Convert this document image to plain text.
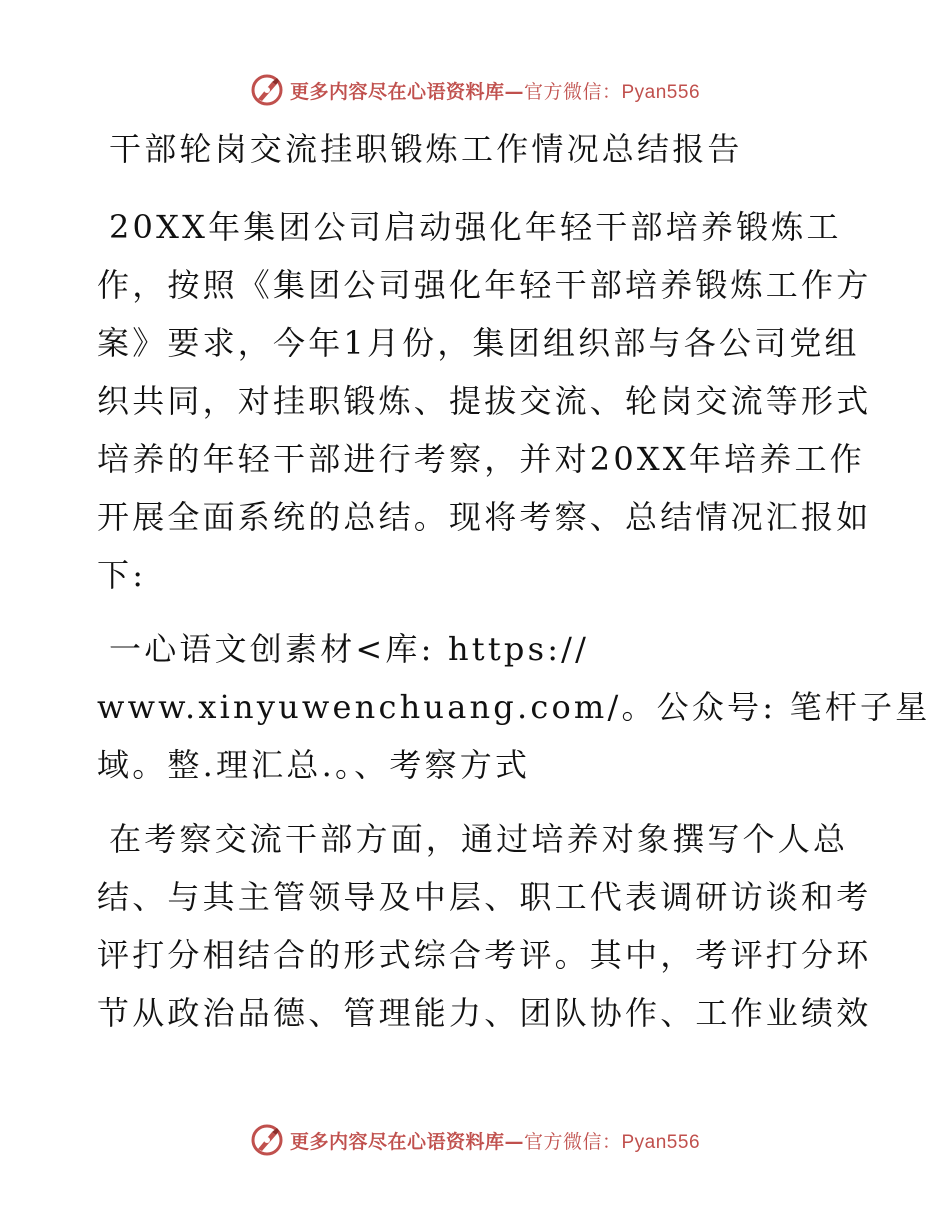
更多内容尽在心语资料库—官方微信：Pyan556
干部轮岗交流挂职锻炼工作情况总结报告
20XX年集团公司启动强化年轻干部培养锻炼工
作，按照《集团公司强化年轻干部培养锻炼工作方
案》要求，今年1月份，集团组织部与各公司党组
织共同，对挂职锻炼、提拔交流、轮岗交流等形式
培养的年轻干部进行考察，并对20XX年培养工作
开展全面系统的总结。现将考察、总结情况汇报如
下:
一心语文创素材<库: https://
www.xinyuwenchuang.com/。公众号: 笔杆子星
域。整.理汇总.。、考察方式
在考察交流干部方面，通过培养对象撰写个人总
结、与其主管领导及中层、职工代表调研访谈和考
评打分相结合的形式综合考评。其中，考评打分环
节从政治品德、管理能力、团队协作、工作业绩效
更多内容尽在心语资料库—官方微信：Pyan556
